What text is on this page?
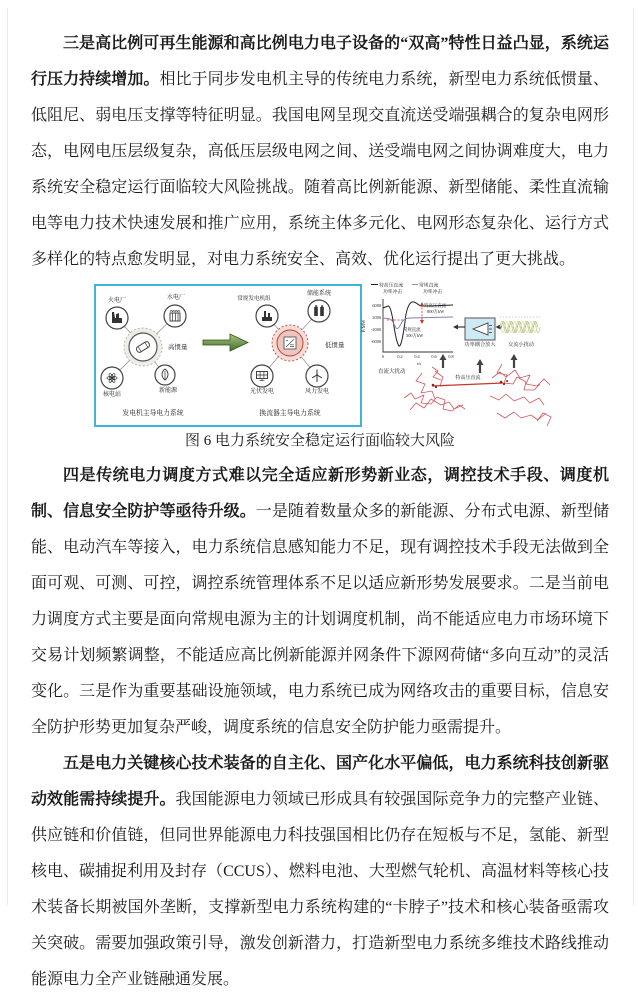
三是高比例可再生能源和高比例电力电子设备的“双高”特性日益凸显，系统运行压力持续增加。相比于同步发电机主导的传统电力系统，新型电力系统低惯量、低阻尼、弱电压支撑等特征明显。我国电网呈现交直流送受端强耦合的复杂电网形态，电网电压层级复杂，高低压层级电网之间、送受端电网之间协调难度大，电力系统安全稳定运行面临较大风险挑战。随着高比例新能源、新型储能、柔性直流输电等电力技术快速发展和推广应用，系统主体多元化、电网形态复杂化、运行方式多样化的特点愈发明显，对电力系统安全、高效、优化运行提出了更大挑战。

火电厂	水电厂
核电站
新能源
高惯量
发电机主导电力系统
常规发电机组
储能系统
光伏发电	风力发电
低惯量
换流器主导电力系统
特高压直流	常规直流
功率冲击	功率冲击
6000
2000
-2000
-6000
0	0.2	0.4	0.6	0.8
t/s
P/MW
特高压直流
800万kW
常规直流
300万kW
功率耦合放大 交流小扰动
直流大扰动
特高压直流
图 6 电力系统安全稳定运行面临较大风险

四是传统电力调度方式难以完全适应新形势新业态，调控技术手段、调度机制、信息安全防护等亟待升级。一是随着数量众多的新能源、分布式电源、新型储能、电动汽车等接入，电力系统信息感知能力不足，现有调控技术手段无法做到全面可观、可测、可控，调控系统管理体系不足以适应新形势发展要求。二是当前电力调度方式主要是面向常规电源为主的计划调度机制，尚不能适应电力市场环境下交易计划频繁调整，不能适应高比例新能源并网条件下源网荷储“多向互动”的灵活变化。三是作为重要基础设施领域，电力系统已成为网络攻击的重要目标，信息安全防护形势更加复杂严峻，调度系统的信息安全防护能力亟需提升。

五是电力关键核心技术装备的自主化、国产化水平偏低，电力系统科技创新驱动效能需持续提升。我国能源电力领域已形成具有较强国际竞争力的完整产业链、供应链和价值链，但同世界能源电力科技强国相比仍存在短板与不足，氢能、新型核电、碳捕捉利用及封存（CCUS）、燃料电池、大型燃气轮机、高温材料等核心技术装备长期被国外垄断，支撑新型电力系统构建的“卡脖子”技术和核心装备亟需攻关突破。需要加强政策引导，激发创新潜力，打造新型电力系统多维技术路线推动能源电力全产业链融通发展。
